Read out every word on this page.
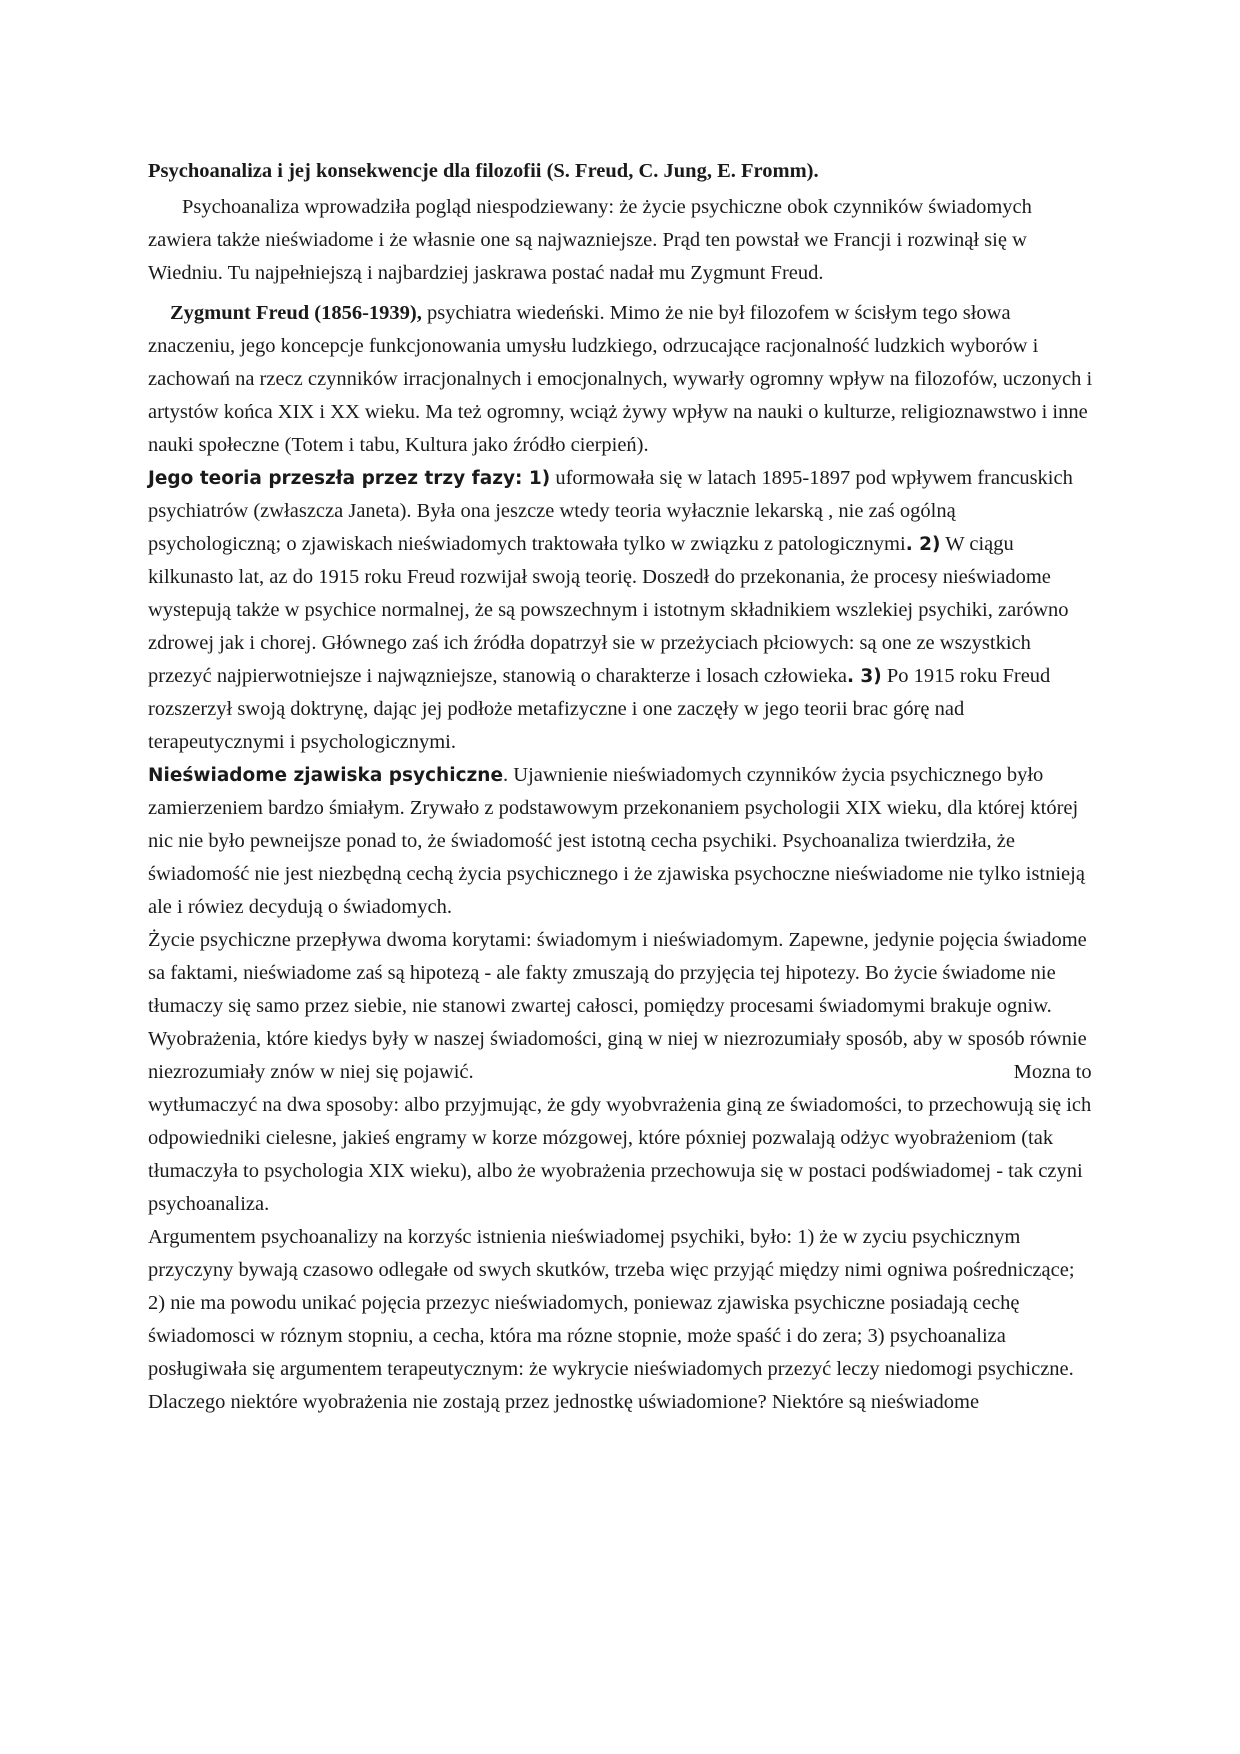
Psychoanaliza i jej konsekwencje dla filozofii (S. Freud, C. Jung, E. Fromm).

Psychoanaliza wprowadziła pogląd niespodziewany: że życie psychiczne obok czynników świadomych zawiera także nieświadome i że własnie one są najwazniejsze. Prąd ten powstał we Francji i rozwinął się w Wiedniu. Tu najpełniejszą i najbardziej jaskrawa postać nadał mu Zygmunt Freud.

Zygmunt Freud (1856-1939), psychiatra wiedeński. Mimo że nie był filozofem w ścisłym tego słowa znaczeniu, jego koncepcje funkcjonowania umysłu ludzkiego, odrzucające racjonalność ludzkich wyborów i zachowań na rzecz czynników irracjonalnych i emocjonalnych, wywarły ogromny wpływ na filozofów, uczonych i artystów końca XIX i XX wieku. Ma też ogromny, wciąż żywy wpływ na nauki o kulturze, religioznawstwo i inne nauki społeczne (Totem i tabu, Kultura jako źródło cierpień).

Jego teoria przeszła przez trzy fazy: 1) uformowała się w latach 1895-1897 pod wpływem francuskich psychiatrów (zwłaszcza Janeta). Była ona jeszcze wtedy teoria wyłacznie lekarską , nie zaś ogólną psychologiczną; o zjawiskach nieświadomych traktowała tylko w związku z patologicznymi. 2) W ciągu kilkunasto lat, az do 1915 roku Freud rozwijał swoją teorię. Doszedł do przekonania, że procesy nieświadome wystepują także w psychice normalnej, że są powszechnym i istotnym składnikiem wszlekiej psychiki, zarówno zdrowej jak i chorej. Głównego zaś ich źródła dopatrzył sie w przeżyciach płciowych: są one ze wszystkich przezyć najpierwotniejsze i najwązniejsze, stanowią o charakterze i losach człowieka. 3) Po 1915 roku Freud rozszerzył swoją doktrynę, dając jej podłoże metafizyczne i one zaczęły w jego teorii brac górę nad terapeutycznymi i psychologicznymi.

Nieświadome zjawiska psychiczne. Ujawnienie nieświadomych czynników życia psychicznego było zamierzeniem bardzo śmiałym. Zrywało z podstawowym przekonaniem psychologii XIX wieku, dla której której nic nie było pewneijsze ponad to, że świadomość jest istotną cecha psychiki. Psychoanaliza twierdziła, że świadomość nie jest niezbędną cechą życia psychicznego i że zjawiska psychoczne nieświadome nie tylko istnieją ale i rówiez decydują o świadomych.

Życie psychiczne przepływa dwoma korytami: świadomym i nieświadomym. Zapewne, jedynie pojęcia świadome sa faktami, nieświadome zaś są hipotezą - ale fakty zmuszają do przyjęcia tej hipotezy. Bo życie świadome nie tłumaczy się samo przez siebie, nie stanowi zwartej całosci, pomiędzy procesami świadomymi brakuje ogniw. Wyobrażenia, które kiedys były w naszej świadomości, giną w niej w niezrozumiały sposób, aby w sposób równie niezrozumiały znów w niej się pojawić.	Mozna to wytłumaczyć na dwa sposoby: albo przyjmując, że gdy wyobvrażenia giną ze świadomości, to przechowują się ich odpowiedniki cielesne, jakieś engramy w korze mózgowej, które póxniej pozwalają odżyc wyobrażeniom (tak tłumaczyła to psychologia XIX wieku), albo że wyobrażenia przechowuja się w postaci podświadomej - tak czyni psychoanaliza.

Argumentem psychoanalizy na korzyśc istnienia nieświadomej psychiki, było: 1) że w zyciu psychicznym przyczyny bywają czasowo odlegałe od swych skutków, trzeba więc przyjąć między nimi ogniwa pośredniczące; 2) nie ma powodu unikać pojęcia przezyc nieświadomych, poniewaz zjawiska psychiczne posiadają cechę świadomosci w róznym stopniu, a cecha, która ma rózne stopnie, może spaść i do zera; 3) psychoanaliza posługiwała się argumentem terapeutycznym: że wykrycie nieświadomych przezyć leczy niedomogi psychiczne.

Dlaczego niektóre wyobrażenia nie zostają przez jednostkę uświadomione? Niektóre są nieświadome
